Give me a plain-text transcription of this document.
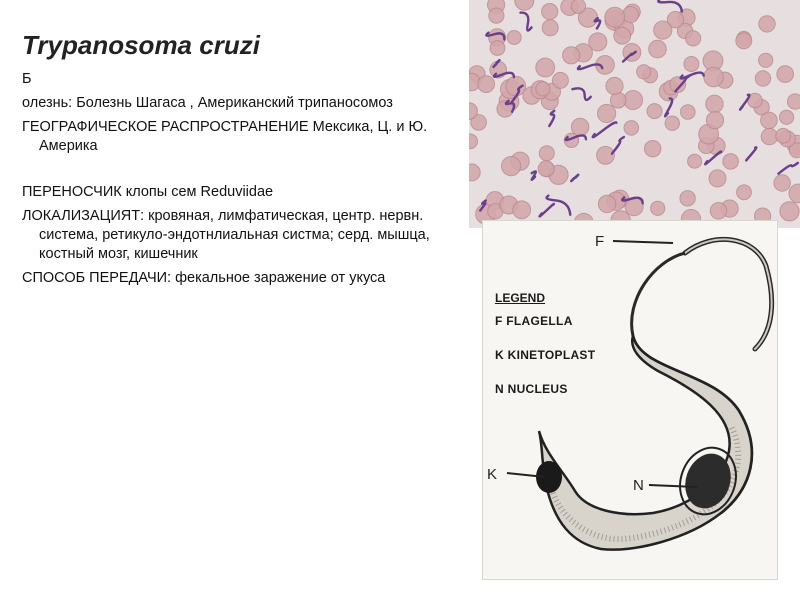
Trypanosoma cruzi

Б

олезнь: Болезнь Шагаса , Американский трипаносомоз

ГЕОГРАФИЧЕСКОЕ РАСПРОСТРАНЕНИЕ Мексика, Ц. и Ю. Америка

ПЕРЕНОСЧИК клопы сем Reduviidae

ЛОКАЛИЗАЦИЯТ: кровяная, лимфатическая, центр. нервн. система, ретикуло-эндотнлиальная систма; серд. мышца, костный мозг, кишечник

СПОСОБ ПЕРЕДАЧИ: фекальное заражение от укуса

F
K
N
LEGEND
F FLAGELLA
K KINETOPLAST
N NUCLEUS
